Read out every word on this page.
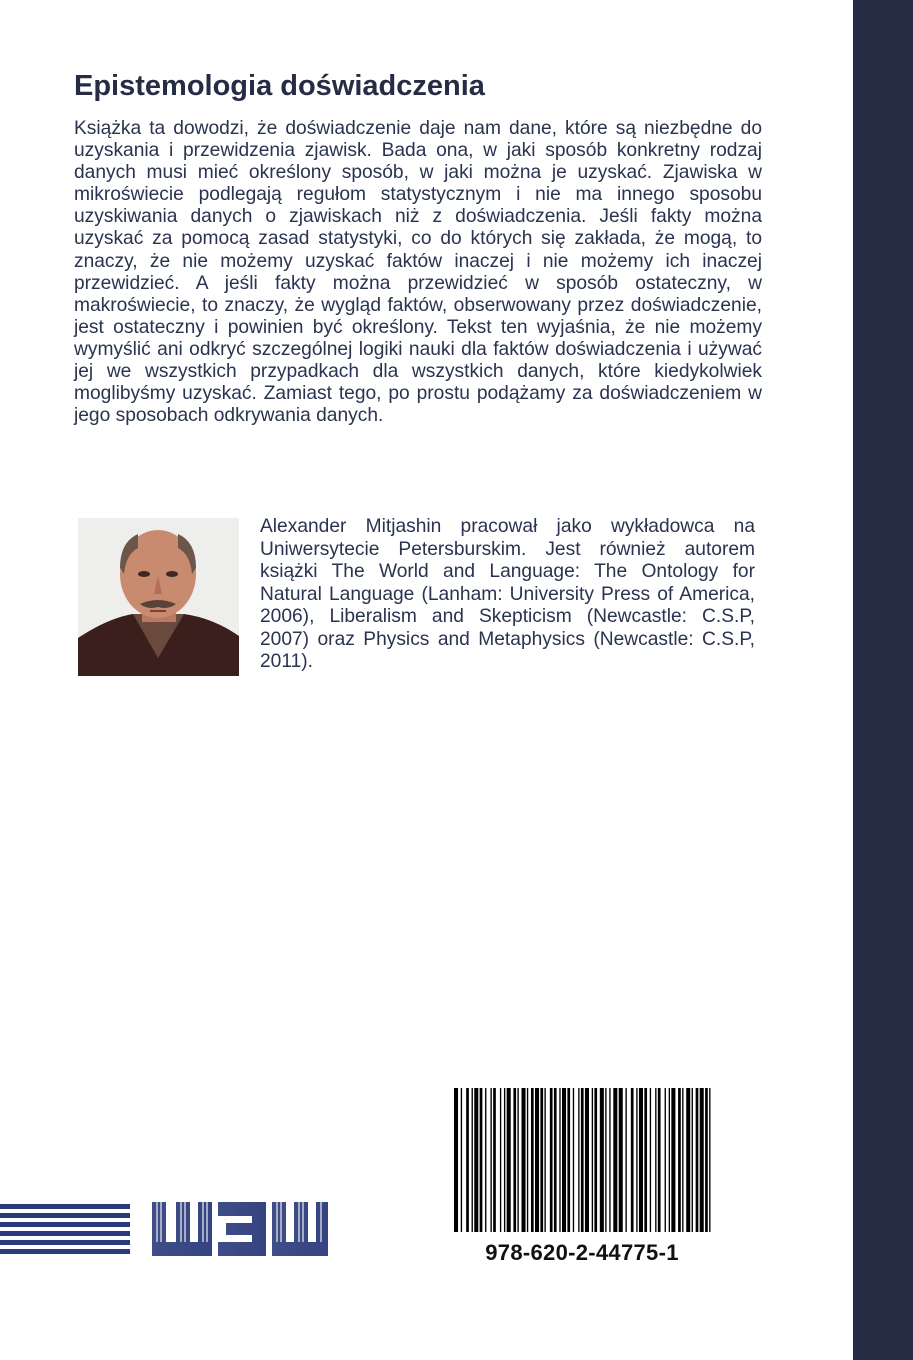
Epistemologia doświadczenia

Książka ta dowodzi, że doświadczenie daje nam dane, które są niezbędne do uzyskania i przewidzenia zjawisk. Bada ona, w jaki sposób konkretny rodzaj danych musi mieć określony sposób, w jaki można je uzyskać. Zjawiska w mikroświecie podlegają regułom statystycznym i nie ma innego sposobu uzyskiwania danych o zjawiskach niż z doświadczenia. Jeśli fakty można uzyskać za pomocą zasad statystyki, co do których się zakłada, że mogą, to znaczy, że nie możemy uzyskać faktów inaczej i nie możemy ich inaczej przewidzieć. A jeśli fakty można przewidzieć w sposób ostateczny, w makroświecie, to znaczy, że wygląd faktów, obserwowany przez doświadczenie, jest ostateczny i powinien być określony. Tekst ten wyjaśnia, że nie możemy wymyślić ani odkryć szczególnej logiki nauki dla faktów doświadczenia i używać jej we wszystkich przypadkach dla wszystkich danych, które kiedykolwiek moglibyśmy uzyskać. Zamiast tego, po prostu podążamy za doświadczeniem w jego sposobach odkrywania danych.

Alexander Mitjashin pracował jako wykładowca na Uniwersytecie Petersburskim. Jest również autorem książki The World and Language: The Ontology for Natural Language (Lanham: University Press of America, 2006), Liberalism and Skepticism (Newcastle: C.S.P, 2007) oraz Physics and Metaphysics (Newcastle: C.S.P, 2011).

978-620-2-44775-1
